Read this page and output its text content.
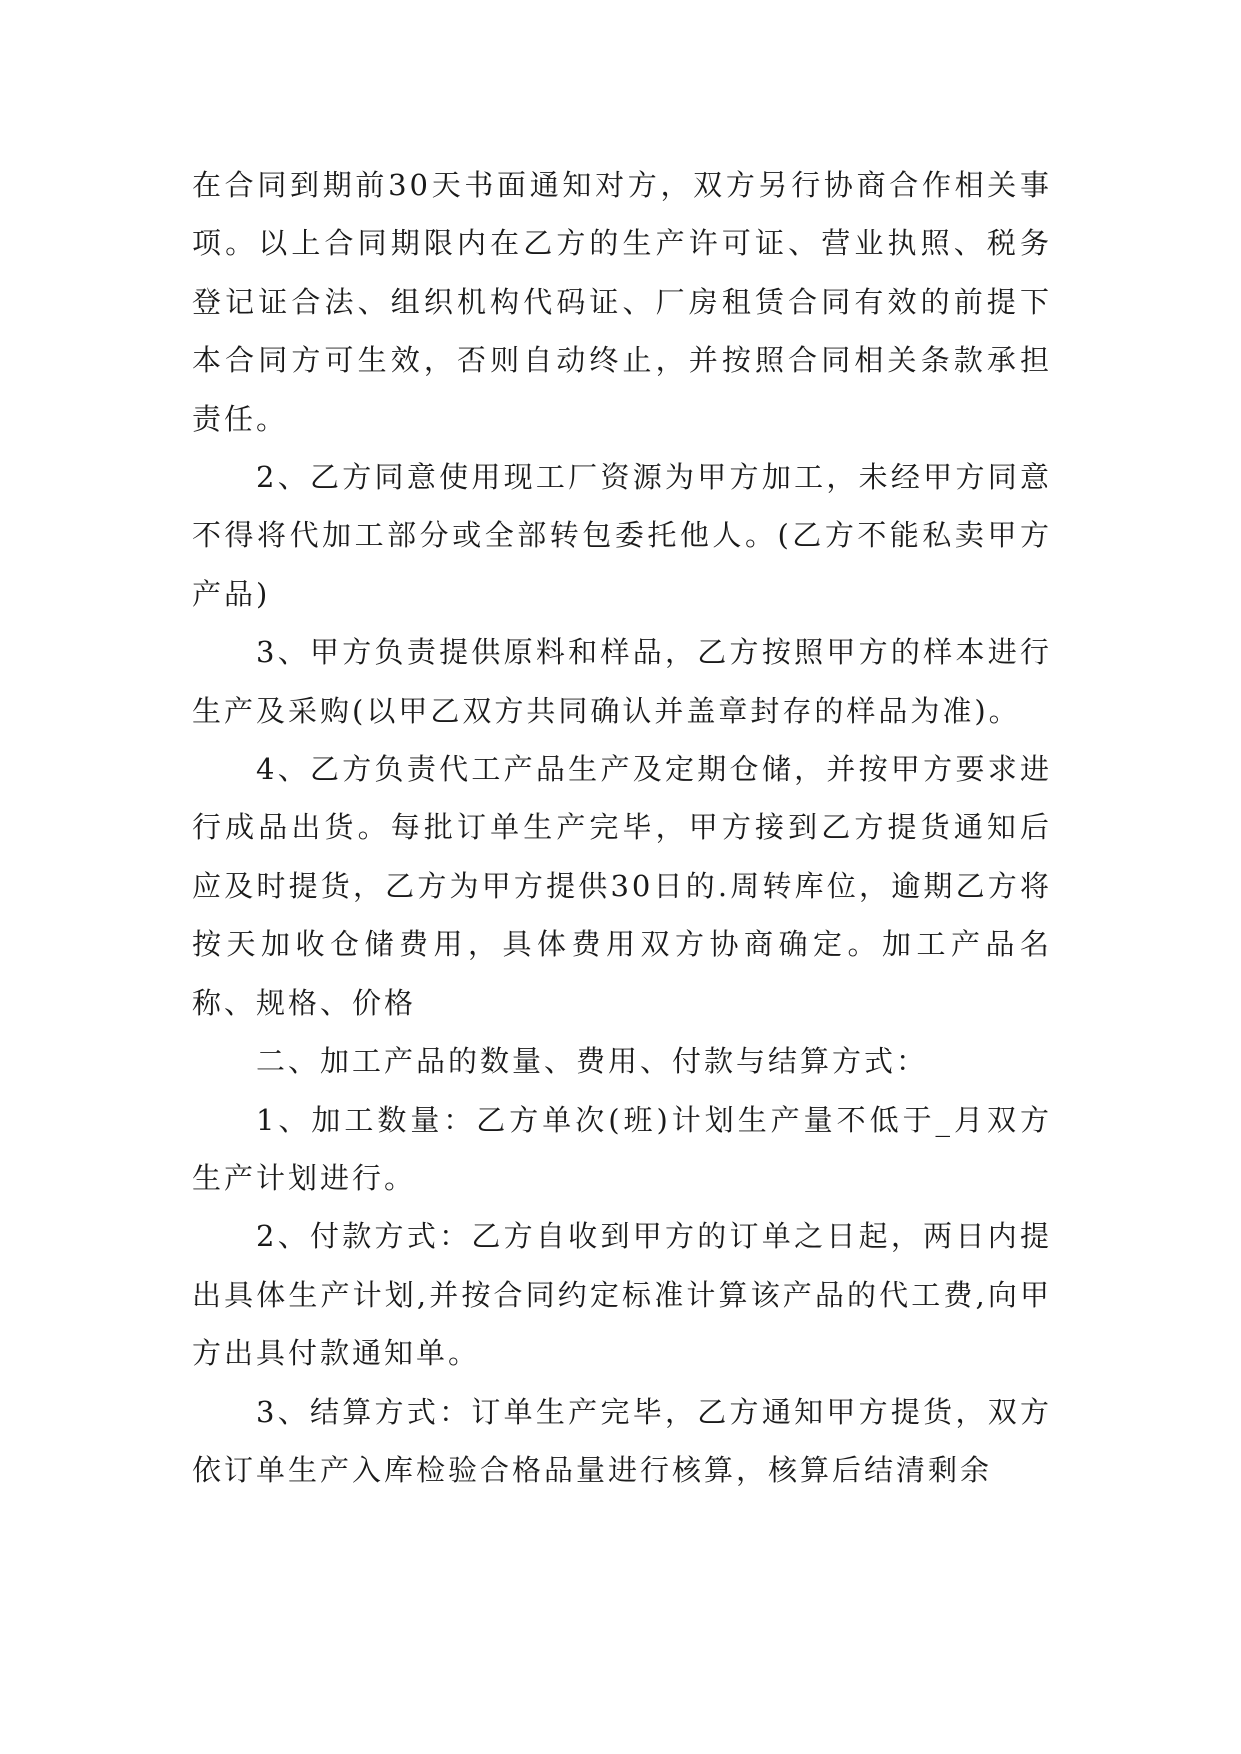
在合同到期前30天书面通知对方，双方另行协商合作相关事项。以上合同期限内在乙方的生产许可证、营业执照、税务登记证合法、组织机构代码证、厂房租赁合同有效的前提下本合同方可生效，否则自动终止，并按照合同相关条款承担责任。

2、乙方同意使用现工厂资源为甲方加工，未经甲方同意不得将代加工部分或全部转包委托他人。(乙方不能私卖甲方产品)

3、甲方负责提供原料和样品，乙方按照甲方的样本进行生产及采购(以甲乙双方共同确认并盖章封存的样品为准)。

4、乙方负责代工产品生产及定期仓储，并按甲方要求进行成品出货。每批订单生产完毕，甲方接到乙方提货通知后应及时提货，乙方为甲方提供30日的.周转库位，逾期乙方将按天加收仓储费用，具体费用双方协商确定。加工产品名称、规格、价格

二、加工产品的数量、费用、付款与结算方式：

1、加工数量：乙方单次(班)计划生产量不低于_月双方生产计划进行。

2、付款方式：乙方自收到甲方的订单之日起，两日内提出具体生产计划,并按合同约定标准计算该产品的代工费,向甲方出具付款通知单。

3、结算方式：订单生产完毕，乙方通知甲方提货，双方依订单生产入库检验合格品量进行核算，核算后结清剩余
